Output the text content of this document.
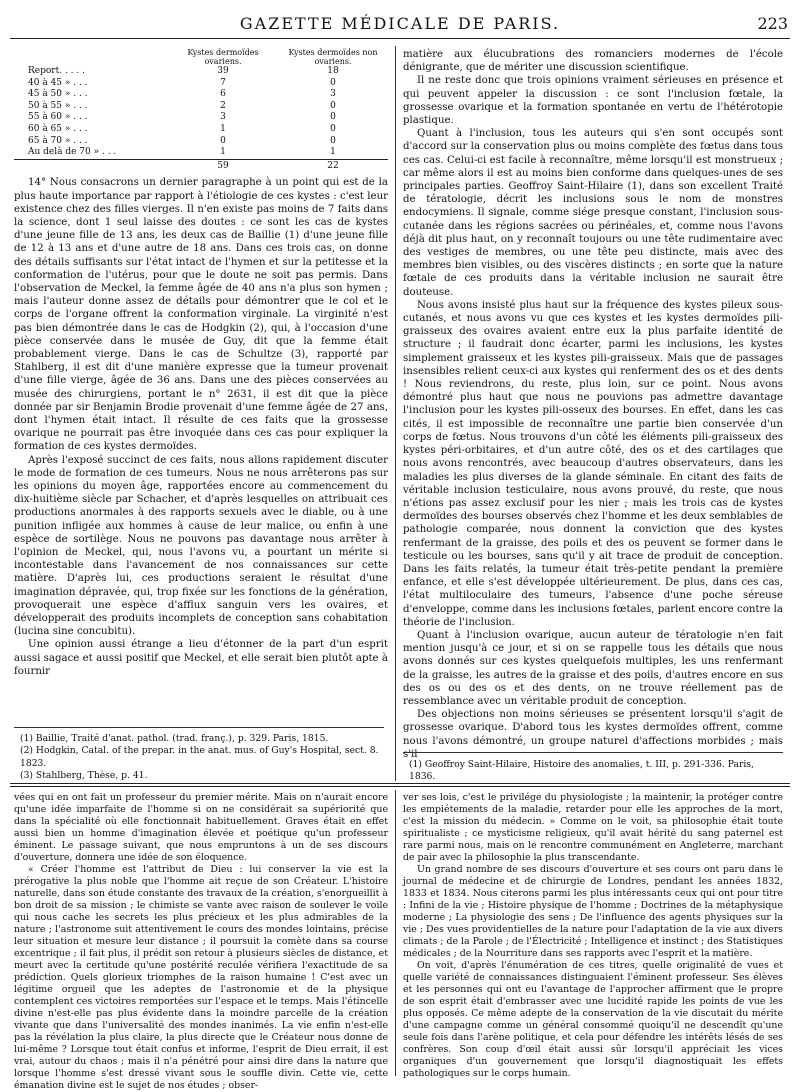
GAZETTE MÉDICALE DE PARIS.	223
	Kystes dermoïdes ovariens.	Kystes dermoïdes non ovariens.
Report. . . . .	39	18
40 à 45 » . . .	7	0
45 à 50 » . . .	6	3
50 à 55 » . . .	2	0
55 à 60 » . . .	3	0
60 à 65 » . . .	1	0
65 à 70 » . . .	0	0
Au delà de 70 » . . .	1	1
	59	22

14° Nous consacrons un dernier paragraphe à un point qui est de la plus haute importance par rapport à l'étiologie de ces kystes : c'est leur existence chez des filles vierges. Il n'en existe pas moins de 7 faits dans la science, dont 1 seul laisse des doutes : ce sont les cas de kystes d'une jeune fille de 13 ans, les deux cas de Baillie (1) d'une jeune fille de 12 à 13 ans et d'une autre de 18 ans. Dans ces trois cas, on donne des détails suffisants sur l'état intact de l'hymen et sur la petitesse et la conformation de l'utérus, pour que le doute ne soit pas permis. Dans l'observation de Meckel, la femme âgée de 40 ans n'a plus son hymen ; mais l'auteur donne assez de détails pour démontrer que le col et le corps de l'organe offrent la conformation virginale. La virginité n'est pas bien démontrée dans le cas de Hodgkin (2), qui, à l'occasion d'une pièce conservée dans le musée de Guy, dit que la femme était probablement vierge. Dans le cas de Schultze (3), rapporté par Stahlberg, il est dit d'une manière expresse que la tumeur provenait d'une fille vierge, âgée de 36 ans. Dans une des pièces conservées au musée des chirurgiens, portant le n° 2631, il est dit que la pièce donnée par sir Benjamin Brodie provenait d'une femme âgée de 27 ans, dont l'hymen était intact. Il résulte de ces faits que la grossesse ovarique ne pourrait pas être invoquée dans ces cas pour expliquer la formation de ces kystes dermoïdes.

Après l'exposé succinct de ces faits, nous allons rapidement discuter le mode de formation de ces tumeurs. Nous ne nous arrêterons pas sur les opinions du moyen âge, rapportées encore au commencement du dix-huitième siècle par Schacher, et d'après lesquelles on attribuait ces productions anormales à des rapports sexuels avec le diable, ou à une punition infligée aux hommes à cause de leur malice, ou enfin à une espèce de sortilège. Nous ne pouvons pas davantage nous arrêter à l'opinion de Meckel, qui, nous l'avons vu, a pourtant un mérite si incontestable dans l'avancement de nos connaissances sur cette matière. D'après lui, ces productions seraient le résultat d'une imagination dépravée, qui, trop fixée sur les fonctions de la génération, provoquerait une espèce d'afflux sanguin vers les ovaires, et développerait des produits incomplets de conception sans cohabitation (lucina sine concubitu).

Une opinion aussi étrange a lieu d'étonner de la part d'un esprit aussi sagace et aussi positif que Meckel, et elle serait bien plutôt apte à fournir

matière aux élucubrations des romanciers modernes de l'école dénigrante, que de mériter une discussion scientifique.

Il ne reste donc que trois opinions vraiment sérieuses en présence et qui peuvent appeler la discussion : ce sont l'inclusion fœtale, la grossesse ovarique et la formation spontanée en vertu de l'hétérotopie plastique.

Quant à l'inclusion, tous les auteurs qui s'en sont occupés sont d'accord sur la conservation plus ou moins complète des fœtus dans tous ces cas. Celui-ci est facile à reconnaître, même lorsqu'il est monstrueux ; car même alors il est au moins bien conforme dans quelques-unes de ses principales parties. Geoffroy Saint-Hilaire (1), dans son excellent Traité de tératologie, décrit les inclusions sous le nom de monstres endocymiens. Il signale, comme siége presque constant, l'inclusion sous-cutanée dans les régions sacrées ou périnéales, et, comme nous l'avons déjà dit plus haut, on y reconnaît toujours ou une tête rudimentaire avec des vestiges de membres, ou une tête peu distincte, mais avec des membres bien visibles, ou des viscères distincts ; en sorte que la nature fœtale de ces produits dans la véritable inclusion ne saurait être douteuse.

Nous avons insisté plus haut sur la fréquence des kystes pileux sous-cutanés, et nous avons vu que ces kystes et les kystes dermoïdes pili-graisseux des ovaires avaient entre eux la plus parfaite identité de structure ; il faudrait donc écarter, parmi les inclusions, les kystes simplement graisseux et les kystes pili-graisseux. Mais que de passages insensibles relient ceux-ci aux kystes qui renferment des os et des dents ! Nous reviendrons, du reste, plus loin, sur ce point. Nous avons démontré plus haut que nous ne pouvions pas admettre davantage l'inclusion pour les kystes pili-osseux des bourses. En effet, dans les cas cités, il est impossible de reconnaître une partie bien conservée d'un corps de fœtus. Nous trouvons d'un côté les éléments pili-graisseux des kystes péri-orbitaires, et d'un autre côté, des os et des cartilages que nous avons rencontrés, avec beaucoup d'autres observateurs, dans les maladies les plus diverses de la glande séminale. En citant des faits de véritable inclusion testiculaire, nous avons prouvé, du reste, que nous n'étions pas assez exclusif pour les nier ; mais les trois cas de kystes dermoïdes des bourses observés chez l'homme et les deux semblables de pathologie comparée, nous donnent la conviction que des kystes renfermant de la graisse, des poils et des os peuvent se former dans le testicule ou les bourses, sans qu'il y ait trace de produit de conception. Dans les faits relatés, la tumeur était très-petite pendant la première enfance, et elle s'est développée ultérieurement. De plus, dans ces cas, l'état multiloculaire des tumeurs, l'absence d'une poche séreuse d'enveloppe, comme dans les inclusions fœtales, parlent encore contre la théorie de l'inclusion.

Quant à l'inclusion ovarique, aucun auteur de tératologie n'en fait mention jusqu'à ce jour, et si on se rappelle tous les détails que nous avons donnés sur ces kystes quelquefois multiples, les uns renfermant de la graisse, les autres de la graisse et des poils, d'autres encore en sus des os ou des os et des dents, on ne trouve réellement pas de ressemblance avec un véritable produit de conception.

Des objections non moins sérieuses se présentent lorsqu'il s'agit de grossesse ovarique. D'abord tous les kystes dermoïdes offrent, comme nous l'avons démontré, un groupe naturel d'affections morbides ; mais s'il

(1) Baillie, Traité d'anat. pathol. (trad. franç.), p. 329. Paris, 1815.

(2) Hodgkin, Catal. of the prepar. in the anat. mus. of Guy's Hospital, sect. 8. 1823.

(3) Stahlberg, Thèse, p. 41.

(1) Geoffroy Saint-Hilaire, Histoire des anomalies, t. III, p. 291-336. Paris, 1836.

vées qui en ont fait un professeur du premier mérite. Mais on n'aurait encore qu'une idée imparfaite de l'homme si on ne considérait sa supériorité que dans la spécialité où elle fonctionnait habituellement. Graves était en effet aussi bien un homme d'imagination élevée et poétique qu'un professeur éminent. Le passage suivant, que nous empruntons à un de ses discours d'ouverture, donnera une idée de son éloquence.

« Créer l'homme est l'attribut de Dieu : lui conserver la vie est la prérogative la plus noble que l'homme ait reçue de son Créateur. L'histoire naturelle, dans son étude constante des travaux de la création, s'enorgueillit à bon droit de sa mission ; le chimiste se vante avec raison de soulever le voile qui nous cache les secrets les plus précieux et les plus admirables de la nature ; l'astronome suit attentivement le cours des mondes lointains, précise leur situation et mesure leur distance ; il poursuit la comète dans sa course excentrique ; il fait plus, il prédit son retour à plusieurs siècles de distance, et meurt avec la certitude qu'une postérité reculée vérifiera l'exactitude de sa prédiction. Quels glorieux triomphes de la raison humaine ! C'est avec un légitime orgueil que les adeptes de l'astronomie et de la physique contemplent ces victoires remportées sur l'espace et le temps. Mais l'étincelle divine n'est-elle pas plus évidente dans la moindre parcelle de la création vivante que dans l'universalité des mondes inanimés. La vie enfin n'est-elle pas la révélation la plus claire, la plus directe que le Créateur nous donne de lui-même ? Lorsque tout était confus et informe, l'esprit de Dieu errait, il est vrai, autour du chaos ; mais il n'a pénétré pour ainsi dire dans la nature que lorsque l'homme s'est dressé vivant sous le souffle divin. Cette vie, cette émanation divine est le sujet de nos études ; obser-

ver ses lois, c'est le privilége du physiologiste ; la maintenir, la protéger contre les empiétements de la maladie, retarder pour elle les approches de la mort, c'est la mission du médecin. » Comme on le voit, sa philosophie était toute spiritualiste ; ce mysticisme religieux, qu'il avait hérité du sang paternel est rare parmi nous, mais on le rencontre communément en Angleterre, marchant de pair avec la philosophie la plus transcendante.

Un grand nombre de ses discours d'ouverture et ses cours ont paru dans le journal de médecine et de chirurgie de Londres, pendant les années 1832, 1833 et 1834. Nous citerons parmi les plus intéressants ceux qui ont pour titre : Infini de la vie ; Histoire physique de l'homme ; Doctrines de la métaphysique moderne ; La physiologie des sens ; De l'influence des agents physiques sur la vie ; Des vues providentielles de la nature pour l'adaptation de la vie aux divers climats ; de la Parole ; de l'Électricité ; Intelligence et instinct ; des Statistiques médicales ; de la Nourriture dans ses rapports avec l'esprit et la matière.

On voit, d'après l'énumération de ces titres, quelle originalité de vues et quelle variété de connaissances distinguaient l'éminent professeur. Ses élèves et les personnes qui ont eu l'avantage de l'approcher affirment que le propre de son esprit était d'embrasser avec une lucidité rapide les points de vue les plus opposés. Ce même adepte de la conservation de la vie discutait du mérite d'une campagne comme un général consommé quoiqu'il ne descendît qu'une seule fois dans l'arène politique, et cela pour défendre les intérêts lésés de ses confrères. Son coup d'œil était aussi sûr lorsqu'il appréciait les vices organiques d'un gouvernement que lorsqu'il diagnostiquait les effets pathologiques sur le corps humain.
